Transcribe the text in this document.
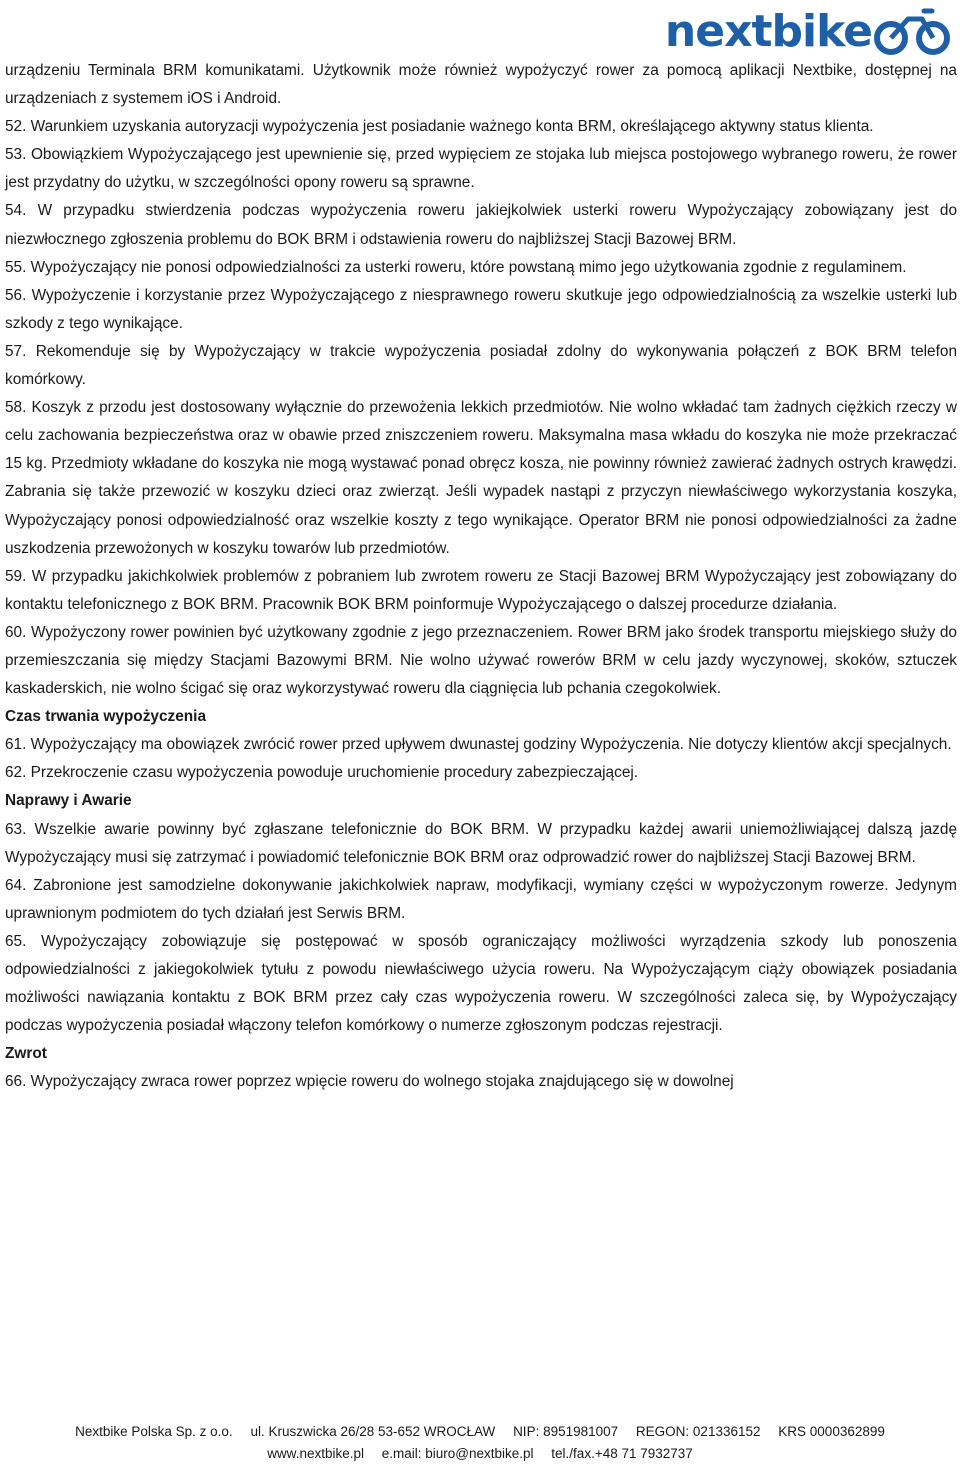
nextbike

urządzeniu Terminala BRM komunikatami. Użytkownik może również wypożyczyć rower za pomocą aplikacji Nextbike, dostępnej na urządzeniach z systemem iOS i Android.

52. Warunkiem uzyskania autoryzacji wypożyczenia jest posiadanie ważnego konta BRM, określającego aktywny status klienta.

53. Obowiązkiem Wypożyczającego jest upewnienie się, przed wypięciem ze stojaka lub miejsca postojowego wybranego roweru, że rower jest przydatny do użytku, w szczególności opony roweru są sprawne.

54. W przypadku stwierdzenia podczas wypożyczenia roweru jakiejkolwiek usterki roweru Wypożyczający zobowiązany jest do niezwłocznego zgłoszenia problemu do BOK BRM i odstawienia roweru do najbliższej Stacji Bazowej BRM.

55. Wypożyczający nie ponosi odpowiedzialności za usterki roweru, które powstaną mimo jego użytkowania zgodnie z regulaminem.

56. Wypożyczenie i korzystanie przez Wypożyczającego z niesprawnego roweru skutkuje jego odpowiedzialnością za wszelkie usterki lub szkody z tego wynikające.

57. Rekomenduje się by Wypożyczający w trakcie wypożyczenia posiadał zdolny do wykonywania połączeń z BOK BRM telefon komórkowy.

58. Koszyk z przodu jest dostosowany wyłącznie do przewożenia lekkich przedmiotów. Nie wolno wkładać tam żadnych ciężkich rzeczy w celu zachowania bezpieczeństwa oraz w obawie przed zniszczeniem roweru. Maksymalna masa wkładu do koszyka nie może przekraczać 15 kg. Przedmioty wkładane do koszyka nie mogą wystawać ponad obręcz kosza, nie powinny również zawierać żadnych ostrych krawędzi. Zabrania się także przewozić w koszyku dzieci oraz zwierząt. Jeśli wypadek nastąpi z przyczyn niewłaściwego wykorzystania koszyka, Wypożyczający ponosi odpowiedzialność oraz wszelkie koszty z tego wynikające. Operator BRM nie ponosi odpowiedzialności za żadne uszkodzenia przewożonych w koszyku towarów lub przedmiotów.

59. W przypadku jakichkolwiek problemów z pobraniem lub zwrotem roweru ze Stacji Bazowej BRM Wypożyczający jest zobowiązany do kontaktu telefonicznego z BOK BRM. Pracownik BOK BRM poinformuje Wypożyczającego o dalszej procedurze działania.

60. Wypożyczony rower powinien być użytkowany zgodnie z jego przeznaczeniem. Rower BRM jako środek transportu miejskiego służy do przemieszczania się między Stacjami Bazowymi BRM. Nie wolno używać rowerów BRM w celu jazdy wyczynowej, skoków, sztuczek kaskaderskich, nie wolno ścigać się oraz wykorzystywać roweru dla ciągnięcia lub pchania czegokolwiek.

Czas trwania wypożyczenia

61. Wypożyczający ma obowiązek zwrócić rower przed upływem dwunastej godziny Wypożyczenia. Nie dotyczy klientów akcji specjalnych.

62. Przekroczenie czasu wypożyczenia powoduje uruchomienie procedury zabezpieczającej.

Naprawy i Awarie

63. Wszelkie awarie powinny być zgłaszane telefonicznie do BOK BRM. W przypadku każdej awarii uniemożliwiającej dalszą jazdę Wypożyczający musi się zatrzymać i powiadomić telefonicznie BOK BRM oraz odprowadzić rower do najbliższej Stacji Bazowej BRM.

64. Zabronione jest samodzielne dokonywanie jakichkolwiek napraw, modyfikacji, wymiany części w wypożyczonym rowerze. Jedynym uprawnionym podmiotem do tych działań jest Serwis BRM.

65. Wypożyczający zobowiązuje się postępować w sposób ograniczający możliwości wyrządzenia szkody lub ponoszenia odpowiedzialności z jakiegokolwiek tytułu z powodu niewłaściwego użycia roweru. Na Wypożyczającym ciąży obowiązek posiadania możliwości nawiązania kontaktu z BOK BRM przez cały czas wypożyczenia roweru. W szczególności zaleca się, by Wypożyczający podczas wypożyczenia posiadał włączony telefon komórkowy o numerze zgłoszonym podczas rejestracji.

Zwrot

66. Wypożyczający zwraca rower poprzez wpięcie roweru do wolnego stojaka znajdującego się w dowolnej

Nextbike Polska Sp. z o.o. ul. Kruszwicka 26/28 53-652 WROCŁAW NIP: 8951981007 REGON: 021336152 KRS 0000362899
www.nextbike.pl e.mail: biuro@nextbike.pl tel./fax.+48 71 7932737
